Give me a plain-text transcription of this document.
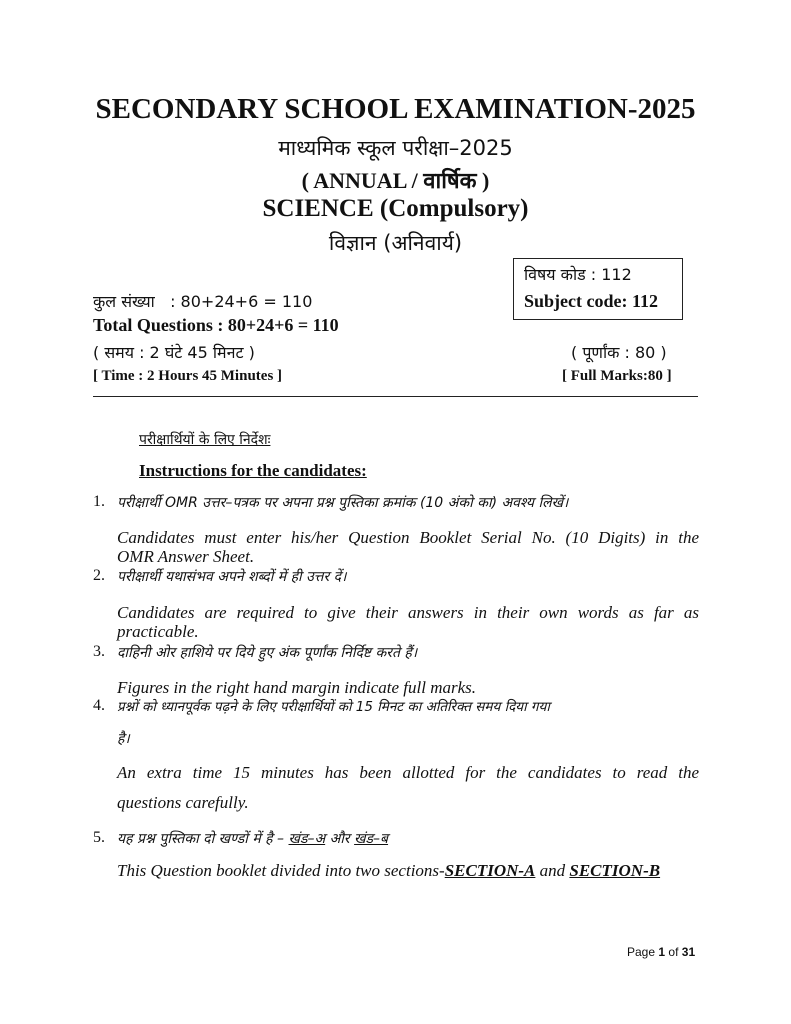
SECONDARY SCHOOL EXAMINATION-2025
माध्यमिक स्कूल परीक्षा–2025
( ANNUAL / वार्षिक )
SCIENCE (Compulsory)
विज्ञान (अनिवार्य)
विषय कोड : 112
Subject code: 112
कुल संख्या   : 80+24+6 = 110
Total Questions : 80+24+6 = 110
( समय : 2 घंटे 45 मिनट )
[ Time : 2 Hours 45 Minutes ]
( पूर्णांक : 80 )
[ Full Marks:80 ]
परीक्षार्थियों के लिए निर्देशः
Instructions for the candidates:
1. परीक्षार्थी OMR उत्तर–पत्रक पर अपना प्रश्न पुस्तिका क्रमांक (10 अंको का) अवश्य लिखें।
Candidates must enter his/her Question Booklet Serial No. (10 Digits) in the
OMR Answer Sheet.
2. परीक्षार्थी यथासंभव अपने शब्दों में ही उत्तर दें।
Candidates are required to give their answers in their own words as far as
practicable.
3. दाहिनी ओर हाशिये पर दिये हुए अंक पूर्णांक निर्दिष्ट करते हैं।
Figures in the right hand margin indicate full marks.
4. प्रश्नों को ध्यानपूर्वक पढ़ने के लिए परीक्षार्थियों को 15 मिनट का अतिरिक्त समय दिया गया
है।
An extra time 15 minutes has been allotted for the candidates to read the
questions carefully.
5. यह प्रश्न पुस्तिका दो खण्डों में है – खंड–अ और खंड–ब
This Question booklet divided into two sections-SECTION-A and SECTION-B
Page 1 of 31
